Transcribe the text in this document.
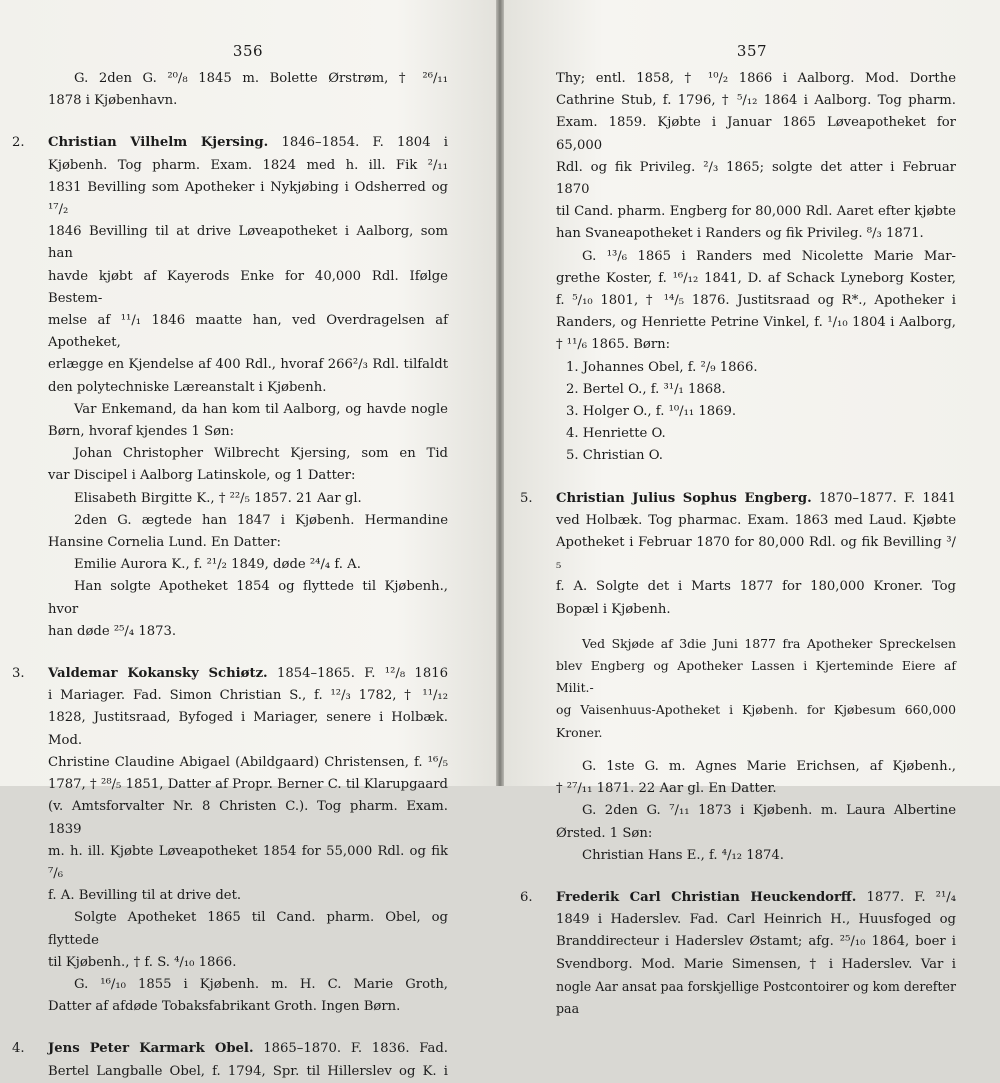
356

G. 2den G. ²⁰/₈ 1845 m. Bolette Ørstrøm, † ²⁶/₁₁

1878 i Kjøbenhavn.

2. Christian Vilhelm Kjersing. 1846–1854. F. 1804 i

Kjøbenh. Tog pharm. Exam. 1824 med h. ill. Fik ²/₁₁

1831 Bevilling som Apotheker i Nykjøbing i Odsherred og ¹⁷/₂

1846 Bevilling til at drive Løveapotheket i Aalborg, som han

havde kjøbt af Kayerods Enke for 40,000 Rdl. Ifølge Bestem-

melse af ¹¹/₁ 1846 maatte han, ved Overdragelsen af Apotheket,

erlægge en Kjendelse af 400 Rdl., hvoraf 266²/₃ Rdl. tilfaldt

den polytechniske Læreanstalt i Kjøbenh.

Var Enkemand, da han kom til Aalborg, og havde nogle

Børn, hvoraf kjendes 1 Søn:

Johan Christopher Wilbrecht Kjersing, som en Tid

var Discipel i Aalborg Latinskole, og 1 Datter:

Elisabeth Birgitte K., † ²²/₅ 1857. 21 Aar gl.

2den G. ægtede han 1847 i Kjøbenh. Hermandine

Hansine Cornelia Lund. En Datter:

Emilie Aurora K., f. ²¹/₂ 1849, døde ²⁴/₄ f. A.

Han solgte Apotheket 1854 og flyttede til Kjøbenh., hvor

han døde ²⁵/₄ 1873.

3. Valdemar Kokansky Schiøtz. 1854–1865. F. ¹²/₈ 1816

i Mariager. Fad. Simon Christian S., f. ¹²/₃ 1782, † ¹¹/₁₂

1828, Justitsraad, Byfoged i Mariager, senere i Holbæk. Mod.

Christine Claudine Abigael (Abildgaard) Christensen, f. ¹⁶/₅

1787, † ²⁸/₅ 1851, Datter af Propr. Berner C. til Klarupgaard

(v. Amtsforvalter Nr. 8 Christen C.). Tog pharm. Exam. 1839

m. h. ill. Kjøbte Løveapotheket 1854 for 55,000 Rdl. og fik ⁷/₆

f. A. Bevilling til at drive det.

Solgte Apotheket 1865 til Cand. pharm. Obel, og flyttede

til Kjøbenh., † f. S. ⁴/₁₀ 1866.

G. ¹⁶/₁₀ 1855 i Kjøbenh. m. H. C. Marie Groth,

Datter af afdøde Tobaksfabrikant Groth. Ingen Børn.

4. Jens Peter Karmark Obel. 1865–1870. F. 1836. Fad.

Bertel Langballe Obel, f. 1794, Spr. til Hillerslev og K. i

357

Thy; entl. 1858, † ¹⁰/₂ 1866 i Aalborg. Mod. Dorthe

Cathrine Stub, f. 1796, † ⁵/₁₂ 1864 i Aalborg. Tog pharm.

Exam. 1859. Kjøbte i Januar 1865 Løveapotheket for 65,000

Rdl. og fik Privileg. ²/₃ 1865; solgte det atter i Februar 1870

til Cand. pharm. Engberg for 80,000 Rdl. Aaret efter kjøbte

han Svaneapotheket i Randers og fik Privileg. ⁸/₃ 1871.

G. ¹³/₆ 1865 i Randers med Nicolette Marie Mar-

grethe Koster, f. ¹⁶/₁₂ 1841, D. af Schack Lyneborg Koster,

f. ⁵/₁₀ 1801, † ¹⁴/₅ 1876. Justitsraad og R*., Apotheker i

Randers, og Henriette Petrine Vinkel, f. ¹/₁₀ 1804 i Aalborg,

† ¹¹/₆ 1865. Børn:

1. Johannes Obel, f. ²/₉ 1866.

2. Bertel O., f. ³¹/₁ 1868.

3. Holger O., f. ¹⁰/₁₁ 1869.

4. Henriette O.

5. Christian O.

5. Christian Julius Sophus Engberg. 1870–1877. F. 1841

ved Holbæk. Tog pharmac. Exam. 1863 med Laud. Kjøbte

Apotheket i Februar 1870 for 80,000 Rdl. og fik Bevilling ³/₅

f. A. Solgte det i Marts 1877 for 180,000 Kroner. Tog

Bopæl i Kjøbenh.

Ved Skjøde af 3die Juni 1877 fra Apotheker Spreckelsen

blev Engberg og Apotheker Lassen i Kjerteminde Eiere af Milit.-

og Vaisenhuus-Apotheket i Kjøbenh. for Kjøbesum 660,000 Kroner.

G. 1ste G. m. Agnes Marie Erichsen, af Kjøbenh.,

† ²⁷/₁₁ 1871. 22 Aar gl. En Datter.

G. 2den G. ⁷/₁₁ 1873 i Kjøbenh. m. Laura Albertine

Ørsted. 1 Søn:

Christian Hans E., f. ⁴/₁₂ 1874.

6. Frederik Carl Christian Heuckendorff. 1877. F. ²¹/₄

1849 i Haderslev. Fad. Carl Heinrich H., Huusfoged og

Branddirecteur i Haderslev Østamt; afg. ²⁵/₁₀ 1864, boer i

Svendborg. Mod. Marie Simensen, † i Haderslev. Var i

nogle Aar ansat paa forskjellige Postcontoirer og kom derefter paa
